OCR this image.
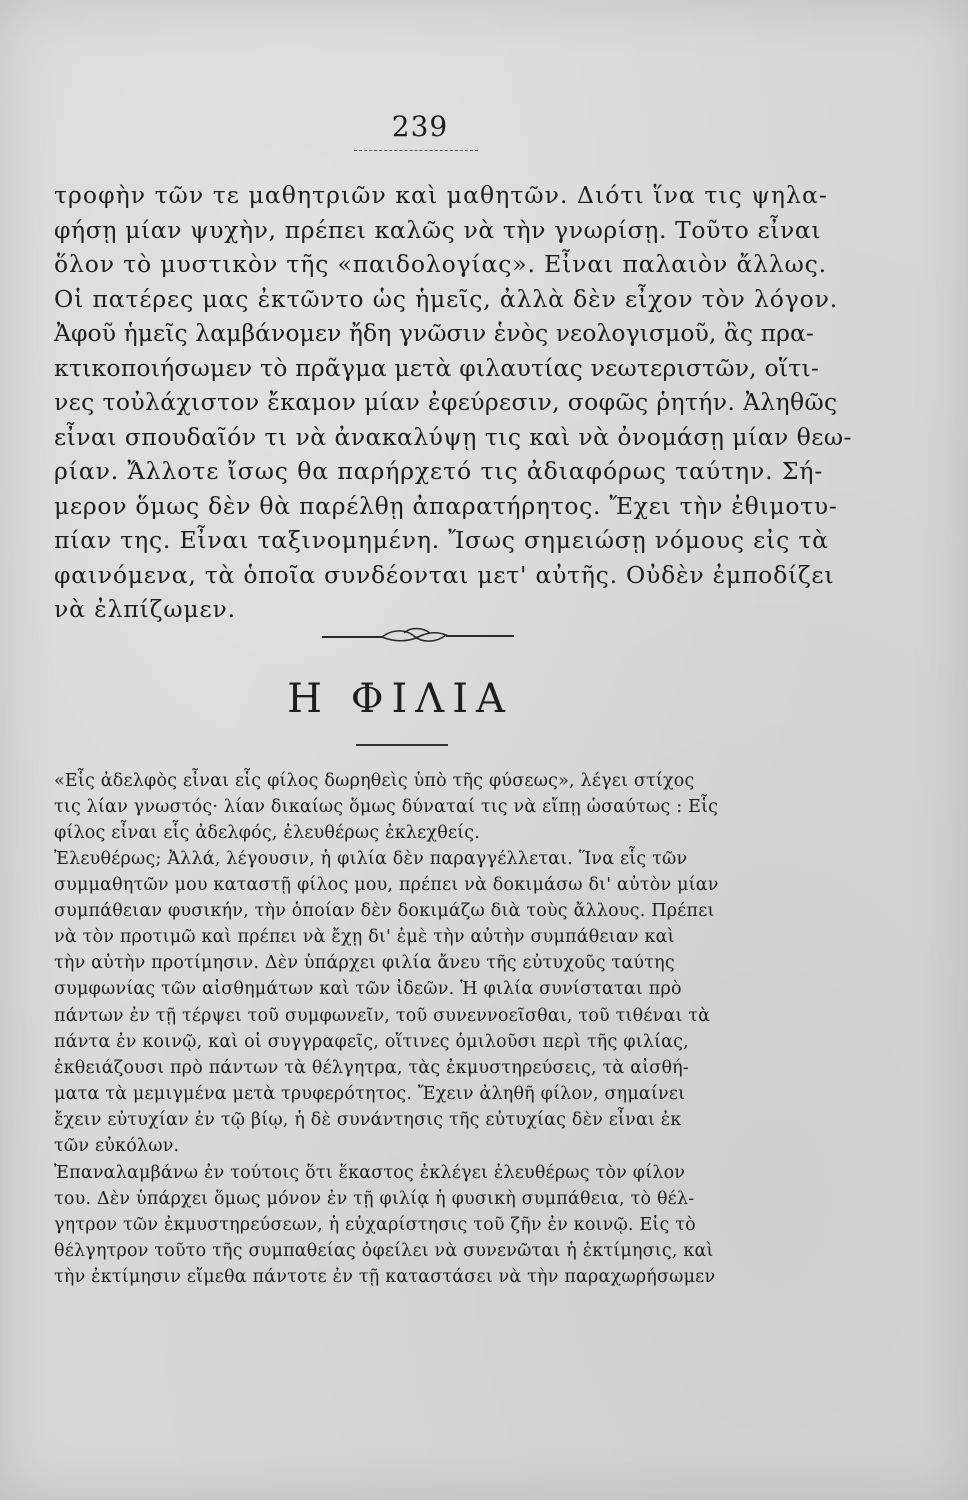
239

τροφὴν τῶν τε μαθητριῶν καὶ μαθητῶν. Διότι ἵνα τις ψηλα-
φήσῃ μίαν ψυχὴν, πρέπει καλῶς νὰ τὴν γνωρίσῃ. Τοῦτο εἶναι
ὅλον τὸ μυστικὸν τῆς «παιδολογίας». Εἶναι παλαιὸν ἄλλως.
Οἱ πατέρες μας ἐκτῶντο ὡς ἡμεῖς, ἀλλὰ δὲν εἶχον τὸν λόγον.
Ἀφοῦ ἡμεῖς λαμβάνομεν ἤδη γνῶσιν ἑνὸς νεολογισμοῦ, ἂς πρα-
κτικοποιήσωμεν τὸ πρᾶγμα μετὰ φιλαυτίας νεωτεριστῶν, οἵτι-
νες τοὐλάχιστον ἔκαμον μίαν ἐφεύρεσιν, σοφῶς ῥητήν. Ἀληθῶς
εἶναι σπουδαῖόν τι νὰ ἀνακαλύψῃ τις καὶ νὰ ὀνομάσῃ μίαν θεω-
ρίαν. Ἄλλοτε ἴσως θα παρήρχετό τις ἀδιαφόρως ταύτην. Σή-
μερον ὅμως δὲν θὰ παρέλθῃ ἀπαρατήρητος. Ἔχει τὴν ἐθιμοτυ-
πίαν της. Εἶναι ταξινομημένη. Ἴσως σημειώσῃ νόμους εἰς τὰ
φαινόμενα, τὰ ὁποῖα συνδέονται μετ' αὐτῆς. Οὐδὲν ἐμποδίζει
νὰ ἐλπίζωμεν.

Η ΦΙΛΙΑ

«Εἷς ἀδελφὸς εἶναι εἷς φίλος δωρηθεὶς ὑπὸ τῆς φύσεως», λέγει στίχος
τις λίαν γνωστός· λίαν δικαίως ὅμως δύναταί τις νὰ εἴπῃ ὡσαύτως : Εἷς
φίλος εἶναι εἷς ἀδελφός, ἐλευθέρως ἐκλεχθείς.

Ἐλευθέρως; Ἀλλά, λέγουσιν, ἡ φιλία δὲν παραγγέλλεται. Ἵνα εἷς τῶν
συμμαθητῶν μου καταστῇ φίλος μου, πρέπει νὰ δοκιμάσω δι' αὐτὸν μίαν
συμπάθειαν φυσικήν, τὴν ὁποίαν δὲν δοκιμάζω διὰ τοὺς ἄλλους. Πρέπει
νὰ τὸν προτιμῶ καὶ πρέπει νὰ ἔχῃ δι' ἐμὲ τὴν αὐτὴν συμπάθειαν καὶ
τὴν αὐτὴν προτίμησιν. Δὲν ὑπάρχει φιλία ἄνευ τῆς εὐτυχοῦς ταύτης
συμφωνίας τῶν αἰσθημάτων καὶ τῶν ἰδεῶν. Ἡ φιλία συνίσταται πρὸ
πάντων ἐν τῇ τέρψει τοῦ συμφωνεῖν, τοῦ συνεννοεῖσθαι, τοῦ τιθέναι τὰ
πάντα ἐν κοινῷ, καὶ οἱ συγγραφεῖς, οἵτινες ὁμιλοῦσι περὶ τῆς φιλίας,
ἐκθειάζουσι πρὸ πάντων τὰ θέλγητρα, τὰς ἐκμυστηρεύσεις, τὰ αἰσθή-
ματα τὰ μεμιγμένα μετὰ τρυφερότητος. Ἔχειν ἀληθῆ φίλον, σημαίνει
ἔχειν εὐτυχίαν ἐν τῷ βίῳ, ἡ δὲ συνάντησις τῆς εὐτυχίας δὲν εἶναι ἐκ
τῶν εὐκόλων.

Ἐπαναλαμβάνω ἐν τούτοις ὅτι ἕκαστος ἐκλέγει ἐλευθέρως τὸν φίλον
του. Δὲν ὑπάρχει ὅμως μόνον ἐν τῇ φιλίᾳ ἡ φυσικὴ συμπάθεια, τὸ θέλ-
γητρον τῶν ἐκμυστηρεύσεων, ἡ εὐχαρίστησις τοῦ ζῆν ἐν κοινῷ. Εἰς τὸ
θέλγητρον τοῦτο τῆς συμπαθείας ὀφείλει νὰ συνενῶται ἡ ἐκτίμησις, καὶ
τὴν ἐκτίμησιν εἴμεθα πάντοτε ἐν τῇ καταστάσει νὰ τὴν παραχωρήσωμεν
